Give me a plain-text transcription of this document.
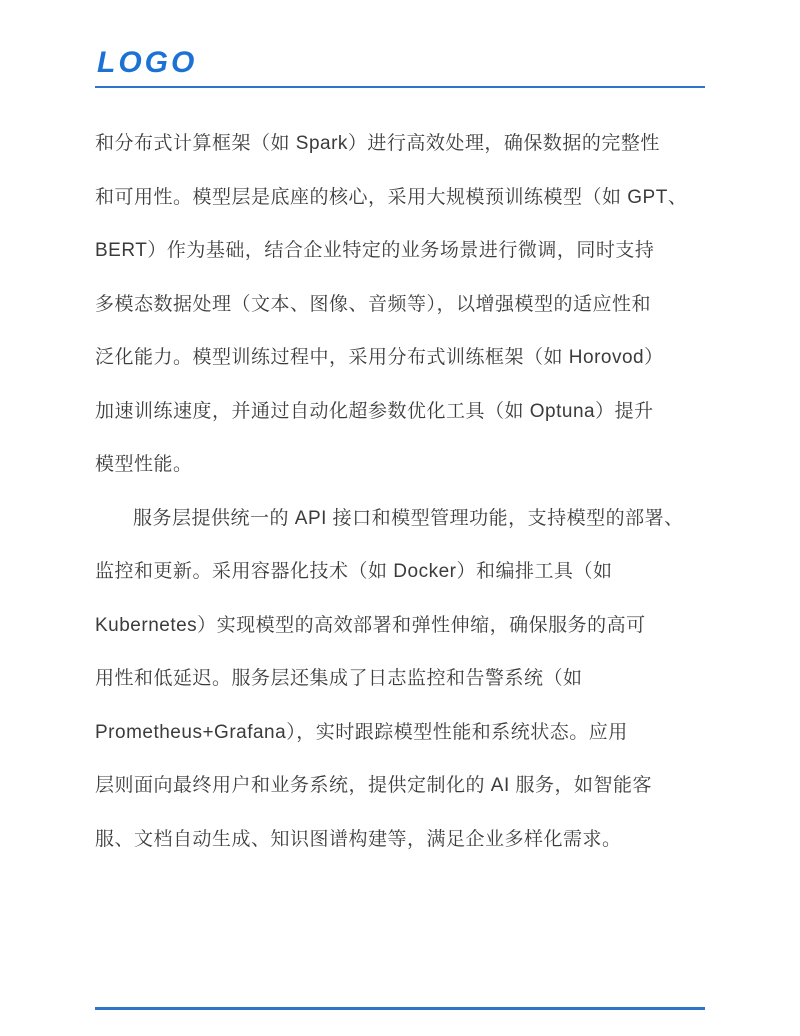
LOGO
和分布式计算框架（如 Spark）进行高效处理，确保数据的完整性
和可用性。模型层是底座的核心，采用大规模预训练模型（如 GPT、
BERT）作为基础，结合企业特定的业务场景进行微调，同时支持
多模态数据处理（文本、图像、音频等），以增强模型的适应性和
泛化能力。模型训练过程中，采用分布式训练框架（如 Horovod）
加速训练速度，并通过自动化超参数优化工具（如 Optuna）提升
模型性能。
服务层提供统一的 API 接口和模型管理功能，支持模型的部署、
监控和更新。采用容器化技术（如 Docker）和编排工具（如
Kubernetes）实现模型的高效部署和弹性伸缩，确保服务的高可
用性和低延迟。服务层还集成了日志监控和告警系统（如
Prometheus+Grafana），实时跟踪模型性能和系统状态。应用
层则面向最终用户和业务系统，提供定制化的 AI 服务，如智能客
服、文档自动生成、知识图谱构建等，满足企业多样化需求。
